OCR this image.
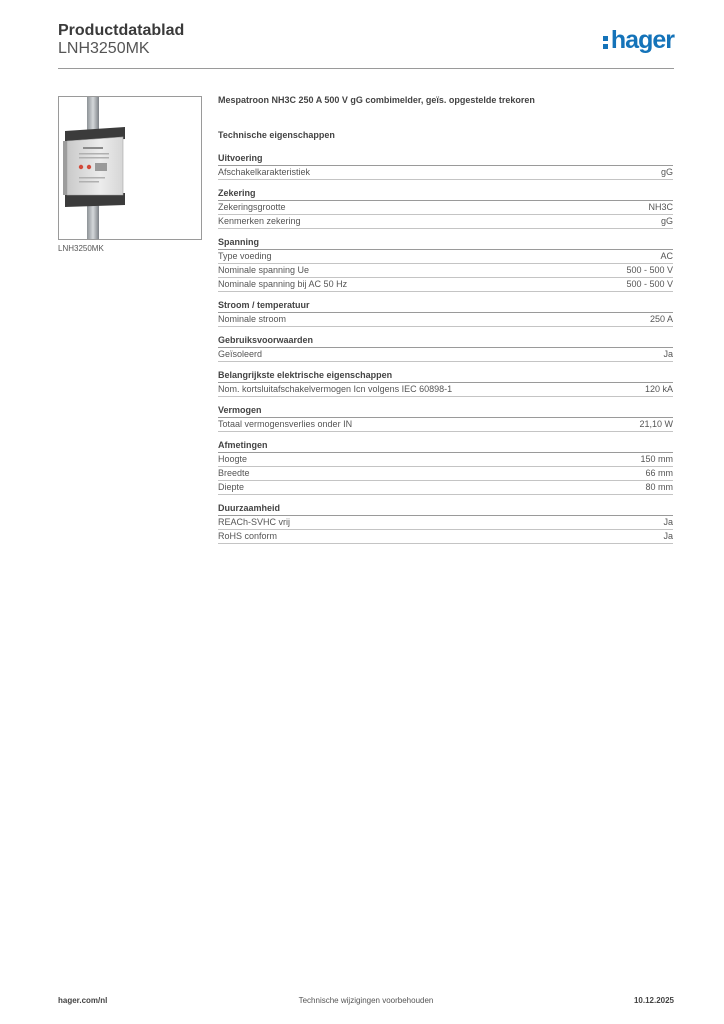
Productdatablad
LNH3250MK	hager
LNH3250MK
Mespatroon NH3C 250 A 500 V gG combimelder, geïs. opgestelde trekoren
Technische eigenschappen
Uitvoering
Afschakelkarakteristiek	gG
Zekering
Zekeringsgrootte	NH3C
Kenmerken zekering	gG
Spanning
Type voeding	AC
Nominale spanning Ue	500 - 500 V
Nominale spanning bij AC 50 Hz	500 - 500 V
Stroom / temperatuur
Nominale stroom	250 A
Gebruiksvoorwaarden
Geïsoleerd	Ja
Belangrijkste elektrische eigenschappen
Nom. kortsluitafschakelvermogen Icn volgens IEC 60898-1	120 kA
Vermogen
Totaal vermogensverlies onder IN	21,10 W
Afmetingen
Hoogte	150 mm
Breedte	66 mm
Diepte	80 mm
Duurzaamheid
REACh-SVHC vrij	Ja
RoHS conform	Ja
Technische wijzigingen voorbehouden
hager.com/nl	10.12.2025
